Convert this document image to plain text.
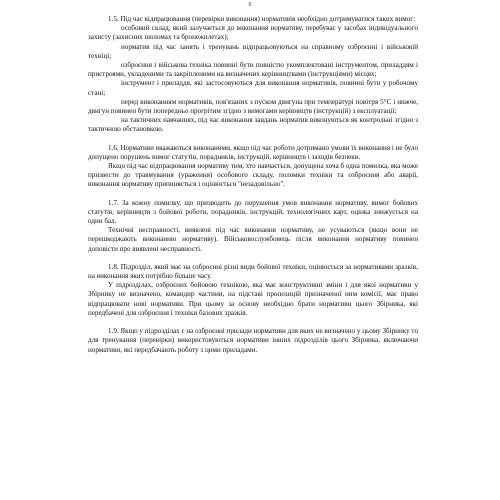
6

1.5. Під час відпрацювання (перевірки виконання) нормативів необхідно дотримуватися таких вимог:

особовий склад, який залучається до виконання нормативу, перебуває у засобах індивідуального захисту (захисних шоломах та бронежилетах);

норматив під час занять і тренувань відпрацьовуються на справному озброєнні і військовій техніці;

озброєння і військова техніка повинні бути повністю укомплектовані інструментом, приладдям і пристроями, укладеними та закріпленими на визначених керівництвами (інструкціями) місцях;

інструмент і приладдя, які застосовуються для виконання нормативів, повинні бути у робочому стані;

перед виконанням нормативів, пов'язаних з пуском двигуна при температурі повітря 5°С і нижче, двигун повинен бути попередньо прогрітим згідно з вимогами керівництв (інструкцій) з експлуатації;

на тактичних навчаннях, під час виконання завдань норматив виконуються як контрольні згідно з тактичною обстановкою.

1.6. Нормативи вважаються виконаними, якщо під час роботи дотримано умови їх виконання і не було допущено порушень вимог статутів, порадників, інструкцій, керівництв і заходів безпеки.

Якщо під час відпрацювання нормативу тим, хто навчається, допущена хоча б одна помилка, яка може призвести до травмування (ураження) особового складу, поломки техніки та озброєння або аварії, виконання нормативу припиняється і оцінюється "незадовільно".

1.7. За кожну помилку, що призводить до порушення умов виконання нормативу, вимог бойових статутів, керівництв з бойової роботи, порадників, інструкцій, технологічних карт, оцінка знижується на один бал.

Технічні несправності, виявлені під час виконання нормативу, не усуваються (якщо вони не перешкоджають виконанню нормативу). Військовослужбовець після виконання нормативу повинен доповісти про виявлені несправності.

1.8. Підрозділ, який має на озброєнні різні види бойової техніки, оцінюється за нормативами зразків, на виконання яких потрібно більше часу.

У підрозділах, озброєних бойовою технікою, яка має конструктивні зміни і для якої нормативи у Збірнику не визначено, командир частини, на підставі пропозицій призначеної ним комісії, має право відпрацювати нові нормативи. При цьому за основу необхідно брати нормативи цього Збірника, які передбачені для озброєння і техніки базових зразків.

1.9. Якщо у підрозділах є на озброєнні прилади нормативи для яких не визначено у цьому Збірнику то для тренування (перевірки) використовуються нормативи інших підрозділів цього Збірника, включаючи нормативи, які передбачають роботу з цими приладами.
